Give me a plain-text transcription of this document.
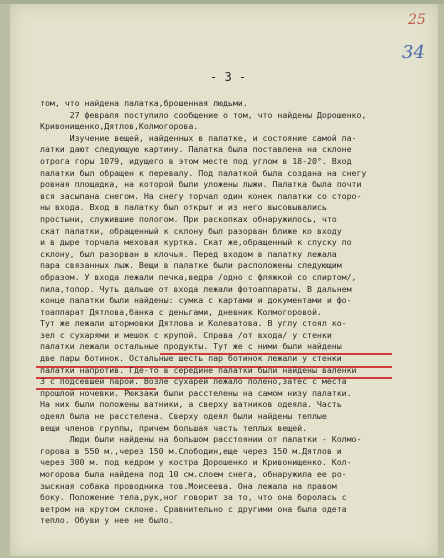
25
34
- 3 -
том, что найдена палатка,брошенная людьми.
27 февраля поступило сообщение о том, что найдены Дорошенко,
Кривонищенко,Дятлов,Колмогорова.
Изучение вещей, найденных в палатке, и состояние самой па-
латки дают следующую картину. Палатка была поставлена на склоне
отрога горы 1079, идущего в этом месте под углом в 18-20°. Вход
палатки был обращен к перевалу. Под палаткой была создана на снегу
ровная площадка, на которой были уложены лыжи. Палатка была почти
вся засыпана снегом. На снегу торчал один конек палатки со сторо-
ны входа. Вход в палатку был открыт и из него высовывались
простыни, служившие пологом. При раскопках обнаружилось, что
скат палатки, обращенный к склону был разорван ближе ко входу
и в дыре торчала меховая куртка. Скат же,обращенный к спуску по
склону, был разорван в клочья. Перед входом в палатку лежала
пара связанных лыж. Вещи в палатке были расположены следующим
образом. У входа лежали печка,ведра /одно с фляжкой со спиртом/,
пила,топор. Чуть дальше от входа лежали фотоаппараты. В дальнем
конце палатки были найдены: сумка с картами и документами и фо-
тоаппарат Дятлова,банка с деньгами, дневник Колмогоровой.
Тут же лежали штормовки Дятлова и Колеватова. В углу стоял ко-
зел с сухарями и мешок с крупой. Справа /от входа/ у стенки
палатки лежали остальные продукты. Тут же с ними были найдены
две пары ботинок. Остальные шесть пар ботинок лежали у стенки
палатки напротив. Где-то в середине палатки были найдены валенки
3 с подсевшей парой. Возле сухарей лежало полено,затес с места
прошлой ночевки. Рюкзаки были расстелены на самом низу палатки.
На них были положены ватники, а сверху ватников одеяла. Часть
одеял была не расстелена. Сверху одеял были найдены теплые
вещи членов группы, причем большая часть теплых вещей.
Люди были найдены на большом расстоянии от палатки - Колмо-
горова в 550 м.,через 150 м.Слободин,еще через 150 м.Дятлов и
через 300 м. под кедром у костра Дорошенко и Кривонищенко. Кол-
могорова была найдена под 10 см.слоем снега, обнаружила ее ро-
зыскная собака проводника тов.Моисеева. Она лежала на правом
боку. Положение тела,рук,ног говорит за то, что она боролась с
ветром на крутом склоне. Сравнительно с другими она была одета
тепло. Обуви у нее не было.
